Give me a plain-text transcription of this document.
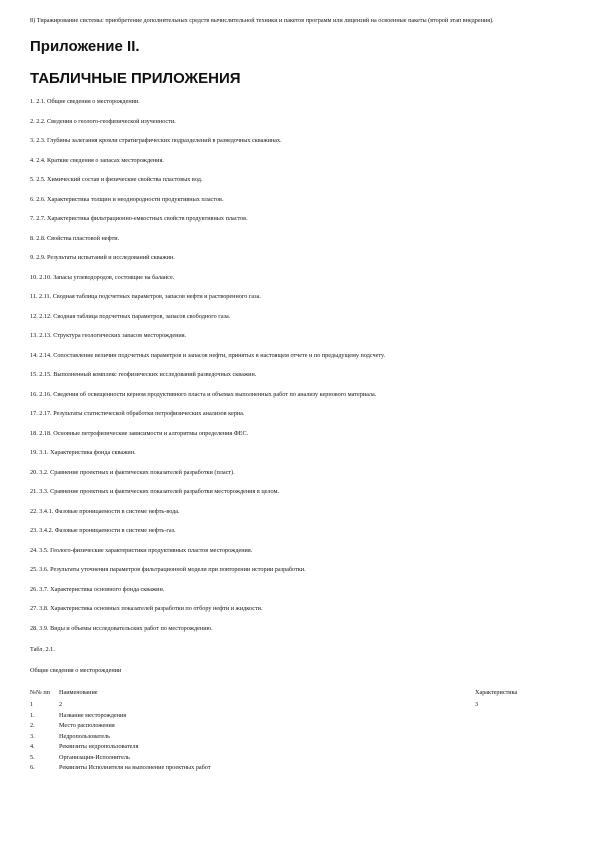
8) Тиражирование системы: приобретение дополнительных средств вычислительной техники и пакетов программ или лицензий на освоенные пакеты (второй этап внедрения).

Приложение II.
ТАБЛИЧНЫЕ ПРИЛОЖЕНИЯ
1. 2.1. Общие сведения о месторождении.
2. 2.2. Сведения о геолого-геофизической изученности.
3. 2.3. Глубины залегания кровли стратиграфических подразделений в разведочных скважинах.
4. 2.4. Краткие сведения о запасах месторождения.
5. 2.5. Химический состав и физические свойства пластовых вод.
6. 2.6. Характеристика толщин и неоднородности продуктивных пластов.
7. 2.7. Характеристика фильтрационно-емкостных свойств продуктивных пластов.
8. 2.8. Свойства пластовой нефти.
9. 2.9. Результаты испытаний и исследований скважин.
10. 2.10. Запасы углеводородов, состоящие на балансе.
11. 2.11. Сводная таблица подсчетных параметров, запасов нефти и растворенного газа.
12. 2.12. Сводная таблица подсчетных параметров, запасов свободного газа.
13. 2.13. Структура геологических запасов месторождения.
14. 2.14. Сопоставление величин подсчетных параметров и запасов нефти, принятых в настоящем отчете и по предыдущему подсчету.
15. 2.15. Выполненный комплекс геофизических исследований разведочных скважин.
16. 2.16. Сведения об освещенности керном продуктивного пласта и объемах выполненных работ по анализу кернового материала.
17. 2.17. Результаты статистической обработки петрофизических анализов керна.
18. 2.18. Основные петрофизические зависимости и алгоритмы определения ФЕС.
19. 3.1. Характеристика фонда скважин.
20. 3.2. Сравнение проектных и фактических показателей разработки (пласт).
21. 3.3. Сравнение проектных и фактических показателей разработки месторождения в целом.
22. 3.4.1. Фазовые проницаемости в системе нефть-вода.
23. 3.4.2. Фазовые проницаемости в системе нефть-газ.
24. 3.5. Геолого-физические характеристики продуктивных пластов месторождения.
25. 3.6. Результаты уточнения параметров фильтрационной модели при повторении истории разработки.
26. 3.7. Характеристика основного фонда скважин.
27. 3.8. Характеристика основных показателей разработки по отбору нефти и жидкости.
28. 3.9. Виды и объемы исследовательских работ по месторождению.

Табл. 2.1.

Общие сведения о месторождении

№№ пп	Наименование	Характеристика
1	2	3
1.	Название месторождения	
2.	Место расположения	
3.	Недропользователь	
4.	Реквизиты недропользователя	
5.	Организация-Исполнитель	
6.	Реквизиты Исполнителя на выполнение проектных работ	
